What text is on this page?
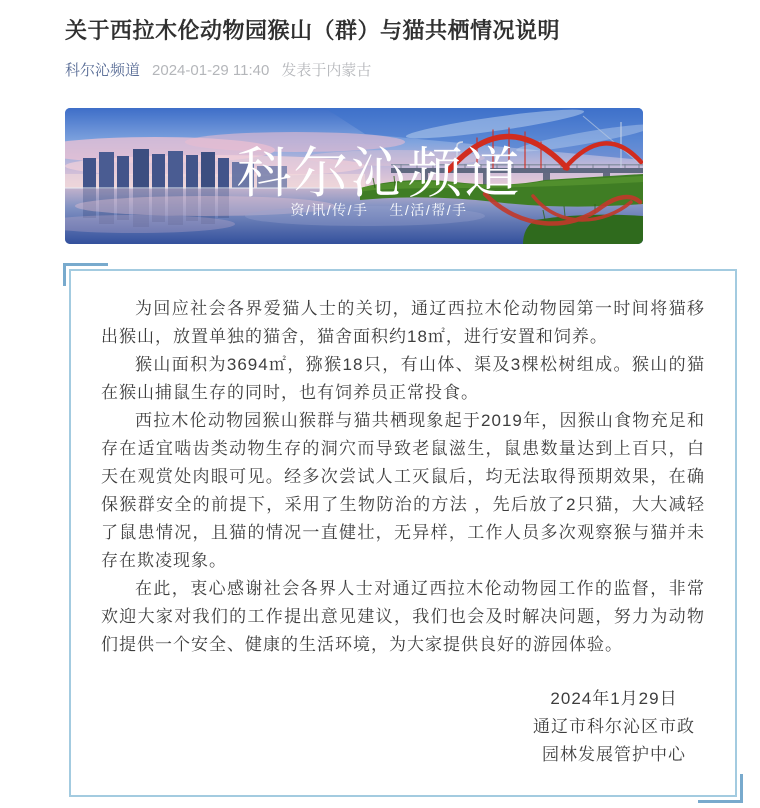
关于西拉木伦动物园猴山（群）与猫共栖情况说明
科尔沁频道 2024-01-29 11:40 发表于内蒙古
科尔沁频道
资/讯/传/手　 生/活/帮/手

为回应社会各界爱猫人士的关切，通辽西拉木伦动物园第一时间将猫移出猴山，放置单独的猫舍，猫舍面积约18㎡，进行安置和饲养。

猴山面积为3694㎡，猕猴18只，有山体、渠及3棵松树组成。猴山的猫在猴山捕鼠生存的同时，也有饲养员正常投食。

西拉木伦动物园猴山猴群与猫共栖现象起于2019年，因猴山食物充足和存在适宜啮齿类动物生存的洞穴而导致老鼠滋生，鼠患数量达到上百只，白天在观赏处肉眼可见。经多次尝试人工灭鼠后，均无法取得预期效果，在确保猴群安全的前提下，采用了生物防治的方法 ，先后放了2只猫，大大减轻了鼠患情况，且猫的情况一直健壮，无异样，工作人员多次观察猴与猫并未存在欺凌现象。

在此，衷心感谢社会各界人士对通辽西拉木伦动物园工作的监督，非常欢迎大家对我们的工作提出意见建议，我们也会及时解决问题，努力为动物们提供一个安全、健康的生活环境，为大家提供良好的游园体验。

2024年1月29日
通辽市科尔沁区市政
园林发展管护中心
